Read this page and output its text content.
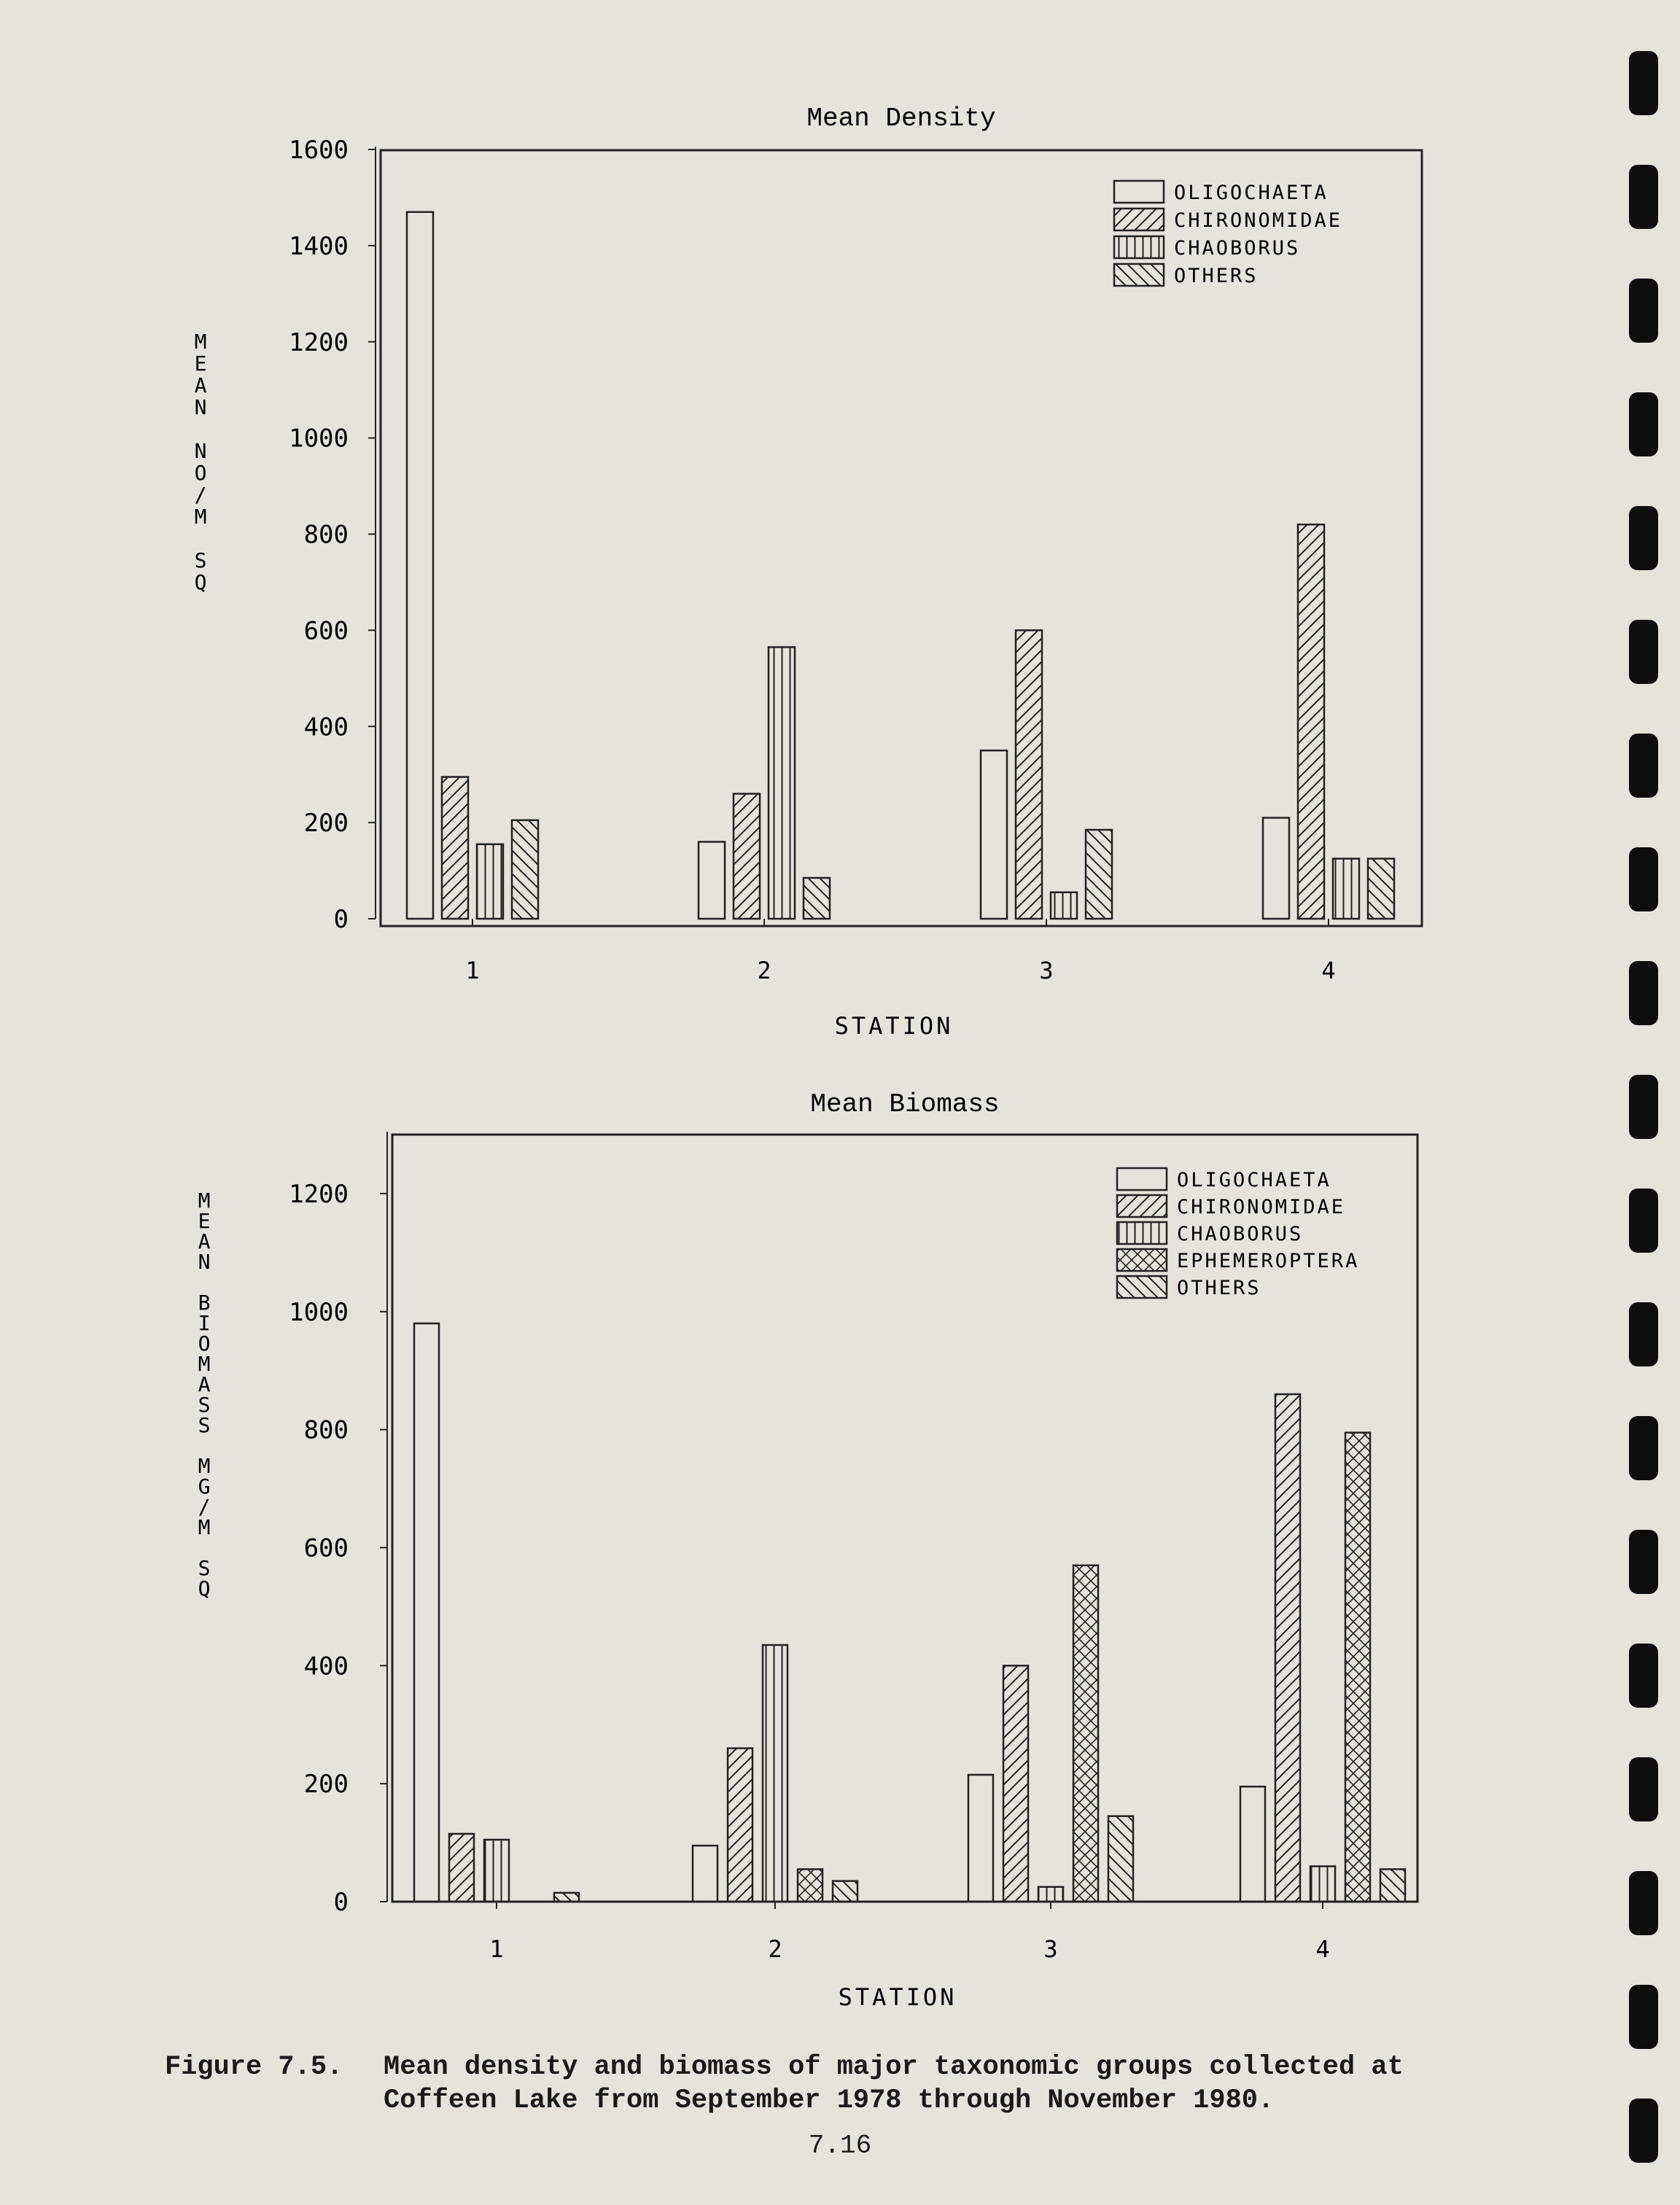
Mean Density
0
200
400
600
800
1000
1200
1400
1600
M
E
A
N
N
O
/
M
S
Q
1	2	3	4
STATION
OLIGOCHAETA
CHIRONOMIDAE
CHAOBORUS
OTHERS
Mean Biomass
0
200
400
600
800
1000
1200
M
E
A
N
B
I
O
M
A
S
S
M
G
/
M
S
Q
1	2	3	4
STATION
OLIGOCHAETA
CHIRONOMIDAE
CHAOBORUS
EPHEMEROPTERA
OTHERS
Figure 7.5. Mean density and biomass of major taxonomic groups collected at
Coffeen Lake from September 1978 through November 1980.
7.16
